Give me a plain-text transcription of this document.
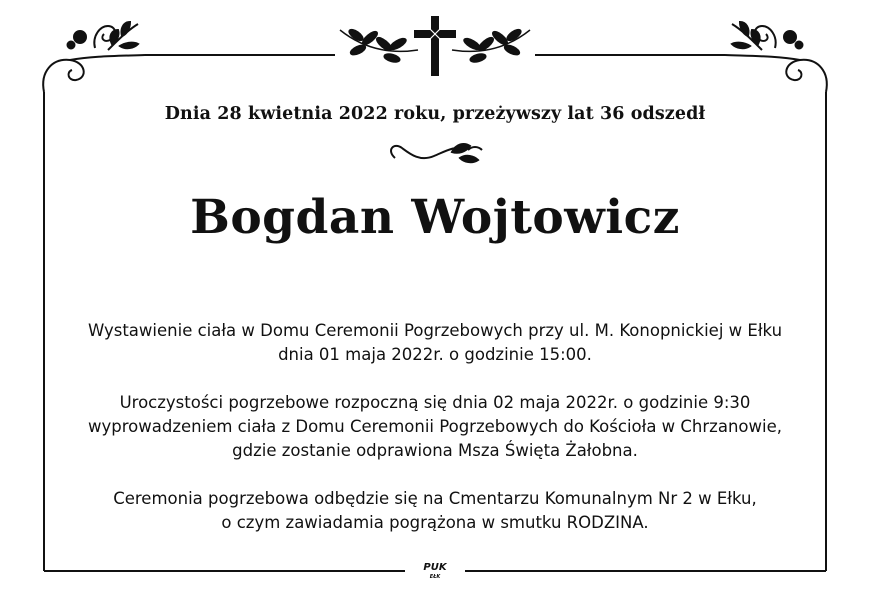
Dnia 28 kwietnia 2022 roku, przeżywszy lat 36 odszedł
Bogdan Wojtowicz
Wystawienie ciała w Domu Ceremonii Pogrzebowych przy ul. M. Konopnickiej w Ełku
dnia 01 maja 2022r. o godzinie 15:00.
Uroczystości pogrzebowe rozpoczną się dnia 02 maja 2022r. o godzinie 9:30
wyprowadzeniem ciała z Domu Ceremonii Pogrzebowych do Kościoła w Chrzanowie,
gdzie zostanie odprawiona Msza Święta Żałobna.
Ceremonia pogrzebowa odbędzie się na Cmentarzu Komunalnym Nr 2 w Ełku,
o czym zawiadamia pogrążona w smutku RODZINA.
PUK
EŁK
